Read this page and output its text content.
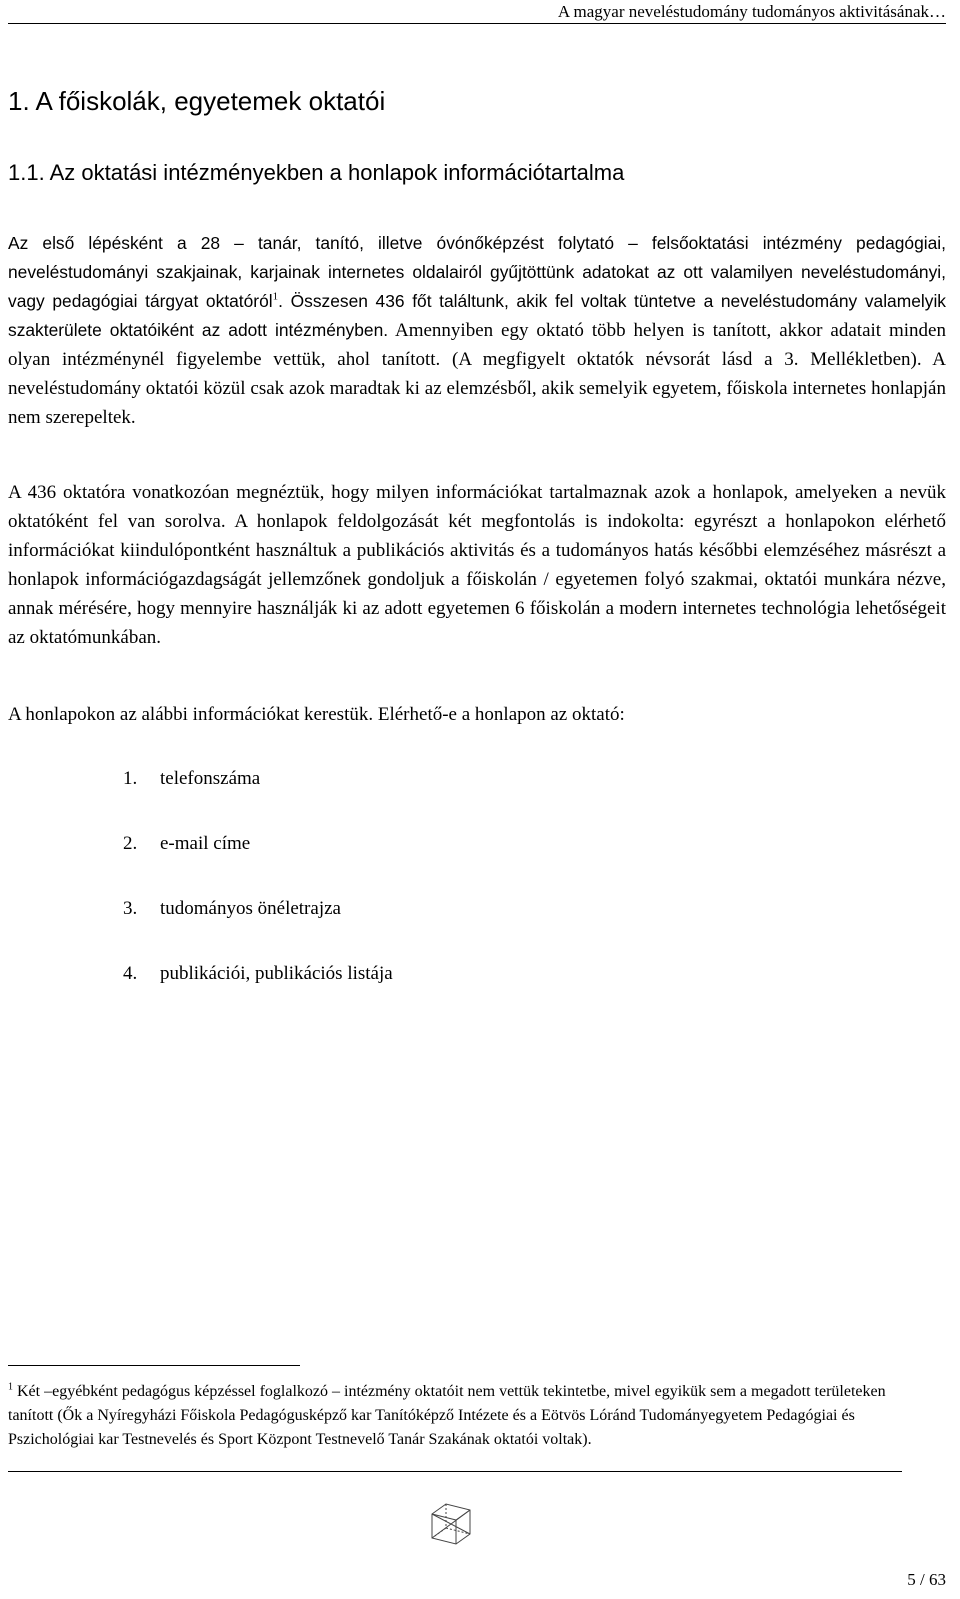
A magyar neveléstudomány tudományos aktivitásának…
1. A főiskolák, egyetemek oktatói
1.1. Az oktatási intézményekben a honlapok információtartalma

Az első lépésként a 28 – tanár, tanító, illetve óvónőképzést folytató – felsőoktatási intézmény pedagógiai, neveléstudományi szakjainak, karjainak internetes oldalairól gyűjtöttünk adatokat az ott valamilyen neveléstudományi, vagy pedagógiai tárgyat oktatóról$^1$. Összesen 436 főt találtunk, akik fel voltak tüntetve a neveléstudomány valamelyik szakterülete oktatóiként az adott intézményben. Amennyiben egy oktató több helyen is tanított, akkor adatait minden olyan intézménynél figyelembe vettük, ahol tanított. (A megfigyelt oktatók névsorát lásd a 3. Mellékletben). A neveléstudomány oktatói közül csak azok maradtak ki az elemzésből, akik semelyik egyetem, főiskola internetes honlapján nem szerepeltek.

A 436 oktatóra vonatkozóan megnéztük, hogy milyen információkat tartalmaznak azok a honlapok, amelyeken a nevük oktatóként fel van sorolva. A honlapok feldolgozását két megfontolás is indokolta: egyrészt a honlapokon elérhető információkat kiindulópontként használtuk a publikációs aktivitás és a tudományos hatás későbbi elemzéséhez másrészt a honlapok információgazdagságát jellemzőnek gondoljuk a főiskolán / egyetemen folyó szakmai, oktatói munkára nézve, annak mérésére, hogy mennyire használják ki az adott egyetemen 6 főiskolán a modern internetes technológia lehetőségeit az oktatómunkában.

A honlapokon az alábbi információkat kerestük. Elérhető-e a honlapon az oktató:

1. telefonszáma
2. e-mail címe
3. tudományos önéletrajza
4. publikációi, publikációs listája

$^1$ Két –egyébként pedagógus képzéssel foglalkozó – intézmény oktatóit nem vettük tekintetbe, mivel egyikük sem a megadott területeken tanított (Ők a Nyíregyházi Főiskola Pedagógusképző kar Tanítóképző Intézete és a Eötvös Lóránd Tudományegyetem Pedagógiai és Pszichológiai kar Testnevelés és Sport Központ Testnevelő Tanár Szakának oktatói voltak).

5 / 63
